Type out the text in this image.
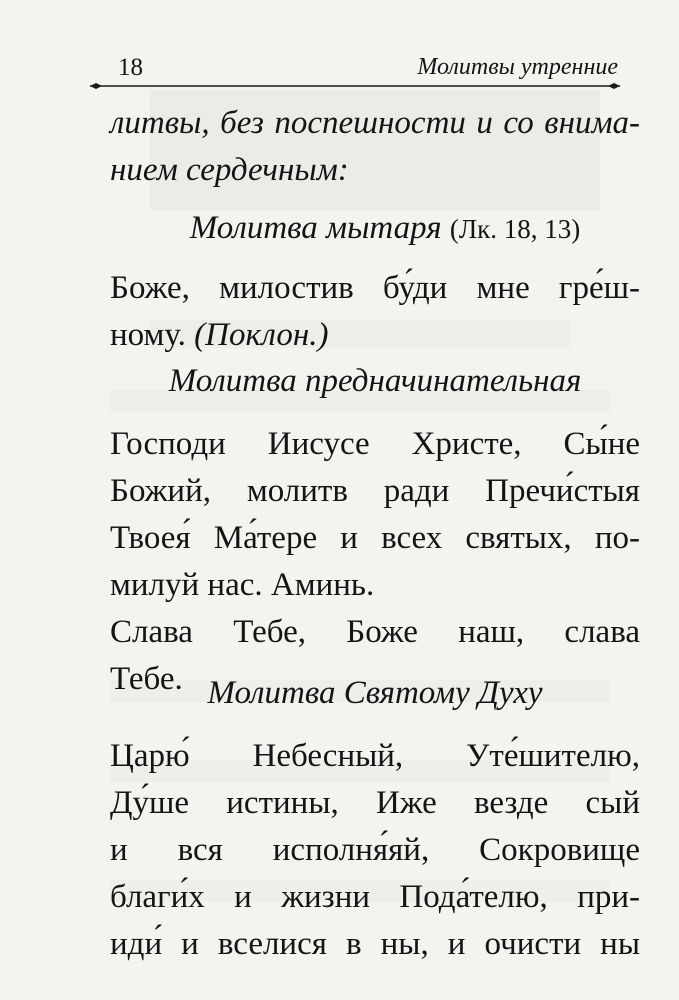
18	Молитвы утренние
литвы, без поспешности и со внима-
нием сердечным:
Молитва мытаря (Лк. 18, 13)
Боже, милостив бу́ди мне гре́ш-
ному. (Поклон.)
Молитва предначинательная
Господи Иисусе Христе, Сы́не
Божий, молитв ради Пречи́стыя
Твоея́ Ма́тере и всех святых, по-
милуй нас. Аминь.
Слава Тебе, Боже наш, слава
Тебе. Молитва Святому Духу
Царю́ Небесный, Уте́шителю,
Ду́ше истины, Иже везде сый
и вся исполня́яй, Сокровище
благи́х и жизни Пода́телю, при-
иди́ и вселися в ны, и очисти ны
